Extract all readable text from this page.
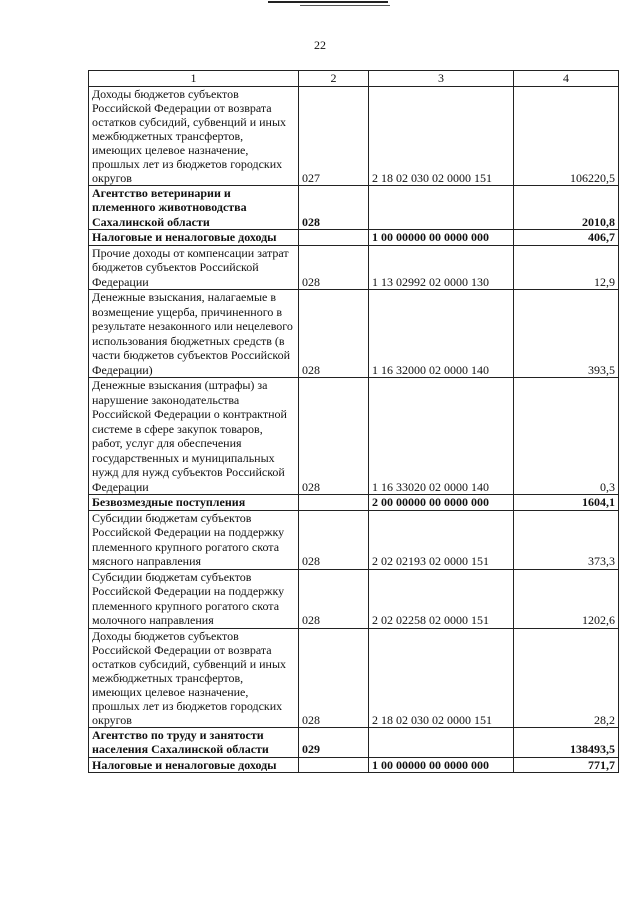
22
1	2	3	4
Доходы бюджетов субъектов Российской Федерации от возврата остатков субсидий, субвенций и иных межбюджетных трансфертов, имеющих целевое назначение, прошлых лет из бюджетов городских округов	027	2 18 02 030 02 0000 151	106220,5
Агентство ветеринарии и племенного животноводства Сахалинской области	028		2010,8
Налоговые и неналоговые доходы		1 00 00000 00 0000 000	406,7
Прочие доходы от компенсации затрат бюджетов субъектов Российской Федерации	028	1 13 02992 02 0000 130	12,9
Денежные взыскания, налагаемые в возмещение ущерба, причиненного в результате незаконного или нецелевого использования бюджетных средств (в части бюджетов субъектов Российской Федерации)	028	1 16 32000 02 0000 140	393,5
Денежные взыскания (штрафы) за нарушение законодательства Российской Федерации о контрактной системе в сфере закупок товаров, работ, услуг для обеспечения государственных и муниципальных нужд для нужд субъектов Российской Федерации	028	1 16 33020 02 0000 140	0,3
Безвозмездные поступления		2 00 00000 00 0000 000	1604,1
Субсидии бюджетам субъектов Российской Федерации на поддержку племенного крупного рогатого скота мясного направления	028	2 02 02193 02 0000 151	373,3
Субсидии бюджетам субъектов Российской Федерации на поддержку племенного крупного рогатого скота молочного направления	028	2 02 02258 02 0000 151	1202,6
Доходы бюджетов субъектов Российской Федерации от возврата остатков субсидий, субвенций и иных межбюджетных трансфертов, имеющих целевое назначение, прошлых лет из бюджетов городских округов	028	2 18 02 030 02 0000 151	28,2
Агентство по труду и занятости населения Сахалинской области	029		138493,5
Налоговые и неналоговые доходы		1 00 00000 00 0000 000	771,7
